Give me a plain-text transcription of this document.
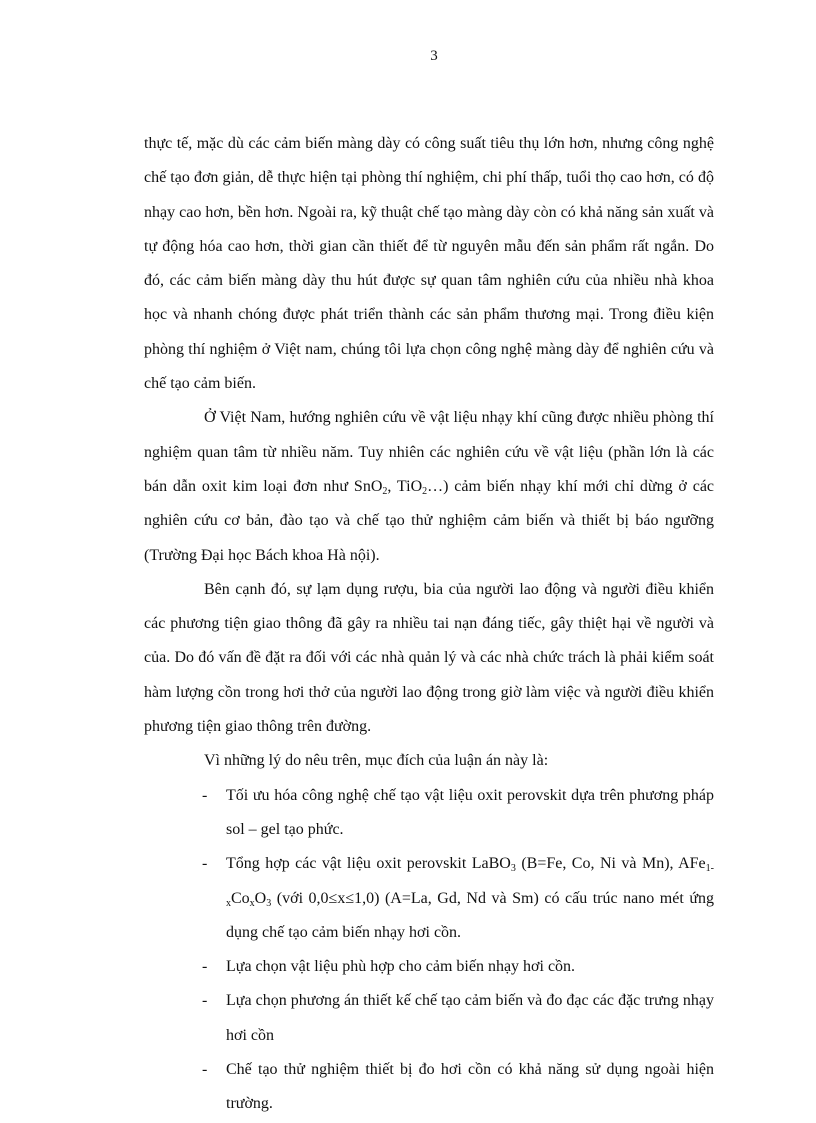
3

thực tế, mặc dù các cảm biến màng dày có công suất tiêu thụ lớn hơn, nhưng công nghệ chế tạo đơn giản, dễ thực hiện tại phòng thí nghiệm, chi phí thấp, tuổi thọ cao hơn, có độ nhạy cao hơn, bền hơn. Ngoài ra, kỹ thuật chế tạo màng dày còn có khả năng sản xuất và tự động hóa cao hơn, thời gian cần thiết để từ nguyên mẫu đến sản phẩm rất ngắn. Do đó, các cảm biến màng dày thu hút được sự quan tâm nghiên cứu của nhiều nhà khoa học và nhanh chóng được phát triển thành các sản phẩm thương mại. Trong điều kiện phòng thí nghiệm ở Việt nam, chúng tôi lựa chọn công nghệ màng dày để nghiên cứu và chế tạo cảm biến.

Ở Việt Nam, hướng nghiên cứu về vật liệu nhạy khí cũng được nhiều phòng thí nghiệm quan tâm từ nhiều năm. Tuy nhiên các nghiên cứu về vật liệu (phần lớn là các bán dẫn oxit kim loại đơn như SnO$_2$, TiO$_2$…) cảm biến nhạy khí mới chỉ dừng ở các nghiên cứu cơ bản, đào tạo và chế tạo thử nghiệm cảm biến và thiết bị báo ngưỡng (Trường Đại học Bách khoa Hà nội).

Bên cạnh đó, sự lạm dụng rượu, bia của người lao động và người điều khiển các phương tiện giao thông đã gây ra nhiều tai nạn đáng tiếc, gây thiệt hại về người và của. Do đó vấn đề đặt ra đối với các nhà quản lý và các nhà chức trách là phải kiểm soát hàm lượng cồn trong hơi thở của người lao động trong giờ làm việc và người điều khiển phương tiện giao thông trên đường.

Vì những lý do nêu trên, mục đích của luận án này là:

- Tối ưu hóa công nghệ chế tạo vật liệu oxit perovskit dựa trên phương pháp sol – gel tạo phức.
- Tổng hợp các vật liệu oxit perovskit LaBO$_3$ (B=Fe, Co, Ni và Mn), $AFe_{1-x}Co_xO_3$ (với 0,0≤x≤1,0) (A=La, Gd, Nd và Sm) có cấu trúc nano mét ứng dụng chế tạo cảm biến nhạy hơi cồn.
- Lựa chọn vật liệu phù hợp cho cảm biến nhạy hơi cồn.
- Lựa chọn phương án thiết kế chế tạo cảm biến và đo đạc các đặc trưng nhạy hơi cồn
- Chế tạo thử nghiệm thiết bị đo hơi cồn có khả năng sử dụng ngoài hiện trường.
